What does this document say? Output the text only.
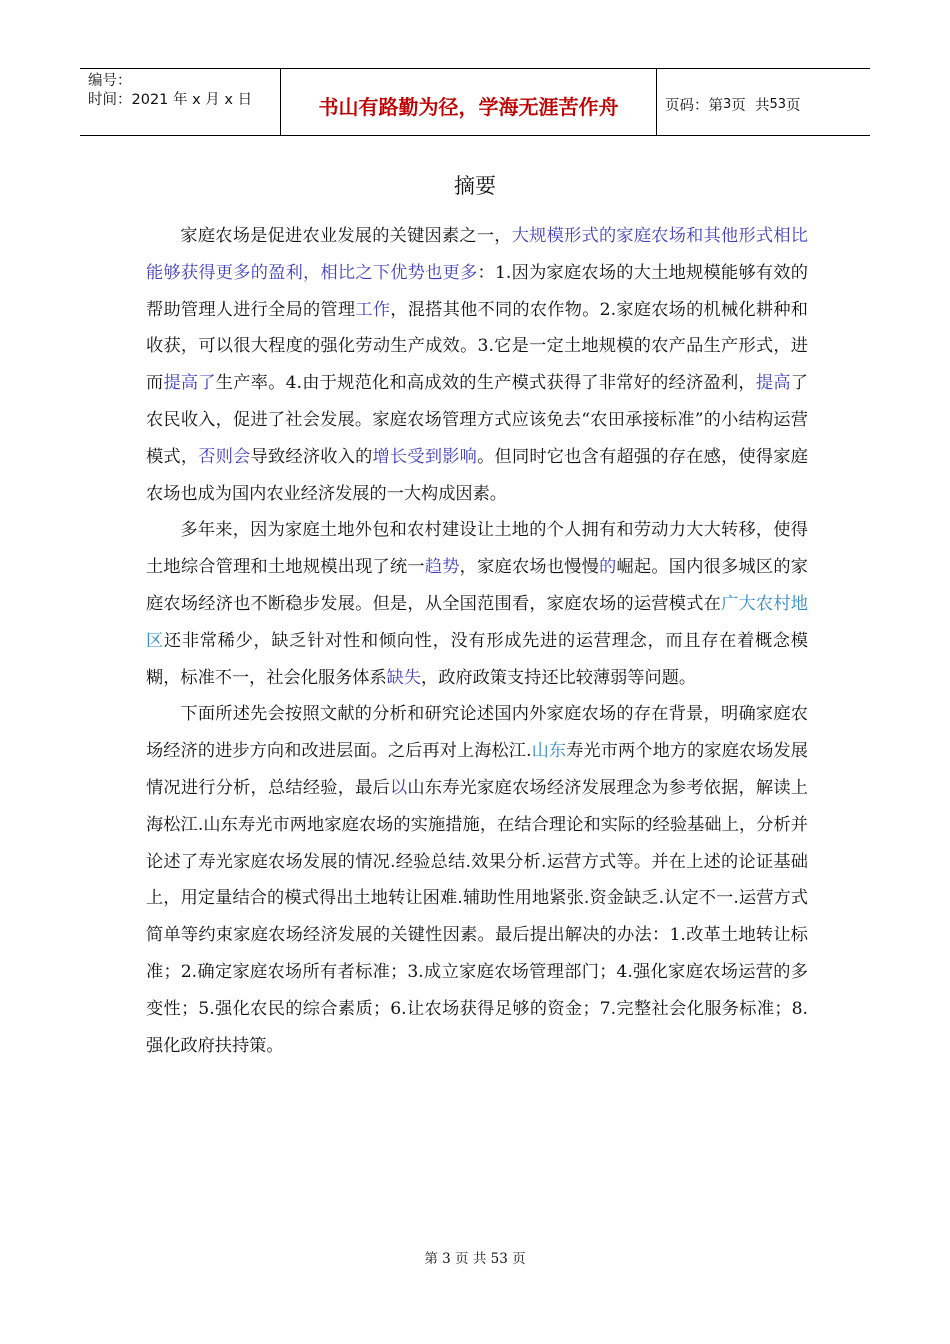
编号：
时间：2021 年 x 月 x 日	书山有路勤为径，学海无涯苦作舟	页码：第 3 页  共 53 页
摘要

家庭农场是促进农业发展的关键因素之一，大规模形式的家庭农场和其他形式相比能够获得更多的盈利，相比之下优势也更多：1.因为家庭农场的大土地规模能够有效的帮助管理人进行全局的管理工作，混搭其他不同的农作物。2.家庭农场的机械化耕种和收获，可以很大程度的强化劳动生产成效。3.它是一定土地规模的农产品生产形式，进而提高了生产率。4.由于规范化和高成效的生产模式获得了非常好的经济盈利，提高了农民收入，促进了社会发展。家庭农场管理方式应该免去“农田承接标准”的小结构运营模式，否则会导致经济收入的增长受到影响。但同时它也含有超强的存在感，使得家庭农场也成为国内农业经济发展的一大构成因素。

多年来，因为家庭土地外包和农村建设让土地的个人拥有和劳动力大大转移，使得土地综合管理和土地规模出现了统一趋势，家庭农场也慢慢的崛起。国内很多城区的家庭农场经济也不断稳步发展。但是，从全国范围看，家庭农场的运营模式在广大农村地区还非常稀少，缺乏针对性和倾向性，没有形成先进的运营理念，而且存在着概念模糊，标准不一，社会化服务体系缺失，政府政策支持还比较薄弱等问题。

下面所述先会按照文献的分析和研究论述国内外家庭农场的存在背景，明确家庭农场经济的进步方向和改进层面。之后再对上海松江.山东寿光市两个地方的家庭农场发展情况进行分析，总结经验，最后以山东寿光家庭农场经济发展理念为参考依据，解读上海松江.山东寿光市两地家庭农场的实施措施，在结合理论和实际的经验基础上，分析并论述了寿光家庭农场发展的情况.经验总结.效果分析.运营方式等。并在上述的论证基础上，用定量结合的模式得出土地转让困难.辅助性用地紧张.资金缺乏.认定不一.运营方式简单等约束家庭农场经济发展的关键性因素。最后提出解决的办法：1.改革土地转让标准；2.确定家庭农场所有者标准；3.成立家庭农场管理部门；4.强化家庭农场运营的多变性；5.强化农民的综合素质；6.让农场获得足够的资金；7.完整社会化服务标准；8.强化政府扶持策。

第 3 页 共 53 页
